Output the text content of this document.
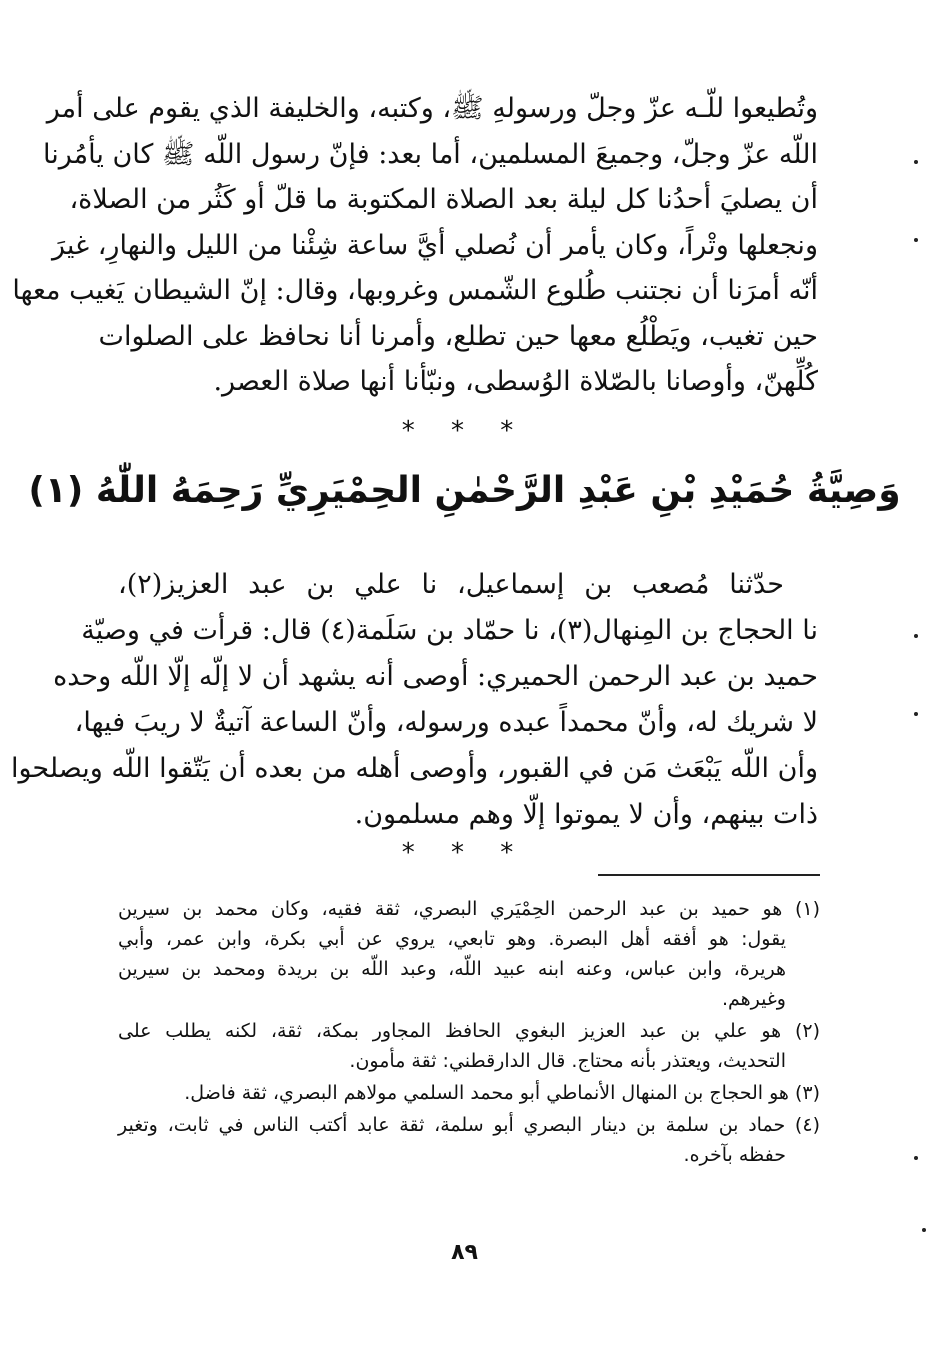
وتُطيعوا للّـه عزّ وجلّ ورسولهِ ﷺ، وكتبه، والخليفة الذي يقوم على أمر
اللّه عزّ وجلّ، وجميعَ المسلمين، أما بعد: فإنّ رسول اللّه ﷺ كان يأمُرنا
أن يصليَ أحدُنا كل ليلة بعد الصلاة المكتوبة ما قلّ أو كَثُر من الصلاة،
ونجعلها وتْراً، وكان يأمر أن نُصلي أيَّ ساعة شِئْنا من الليل والنهارِ، غيرَ
أنّه أمرَنا أن نجتنب طُلوع الشّمس وغروبها، وقال: إنّ الشيطان يَغيب معها
حين تغيب، ويَطْلُع معها حين تطلع، وأمرنا أنا نحافظ على الصلوات
كُلِّهنّ، وأوصانا بالصّلاة الوُسطى، ونبّأنا أنها صلاة العصر.
* * *
وَصِيَّةُ حُمَيْدِ بْنِ عَبْدِ الرَّحْمٰنِ الحِمْيَرِيِّ رَحِمَهُ اللّٰهُ (١)
حدّثنا مُصعب بن إسماعيل، نا علي بن عبد العزيز(٢)،
نا الحجاج بن المِنهال(٣)، نا حمّاد بن سَلَمة(٤) قال: قرأت في وصيّة
حميد بن عبد الرحمن الحميري: أوصى أنه يشهد أن لا إلّه إلّا اللّه وحده
لا شريك له، وأنّ محمداً عبده ورسوله، وأنّ الساعة آتيةٌ لا ريبَ فيها،
وأن اللّه يَبْعَث مَن في القبور، وأوصى أهله من بعده أن يَتّقوا اللّه ويصلحوا
ذات بينهم، وأن لا يموتوا إلّا وهم مسلمون.
* * *
(١) هو حميد بن عبد الرحمن الحِمْيَري البصري، ثقة فقيه، وكان محمد بن سيرين
يقول: هو أفقه أهل البصرة. وهو تابعي، يروي عن أبي بكرة، وابن عمر، وأبي
هريرة، وابن عباس، وعنه ابنه عبيد اللّه، وعبد اللّه بن بريدة ومحمد بن سيرين
وغيرهم.
(٢) هو علي بن عبد العزيز البغوي الحافظ المجاور بمكة، ثقة، لكنه يطلب على
التحديث، ويعتذر بأنه محتاج. قال الدارقطني: ثقة مأمون.
(٣) هو الحجاج بن المنهال الأنماطي أبو محمد السلمي مولاهم البصري، ثقة فاضل.
(٤) حماد بن سلمة بن دينار البصري أبو سلمة، ثقة عابد أكتب الناس في ثابت، وتغير
حفظه بآخره.
٨٩
